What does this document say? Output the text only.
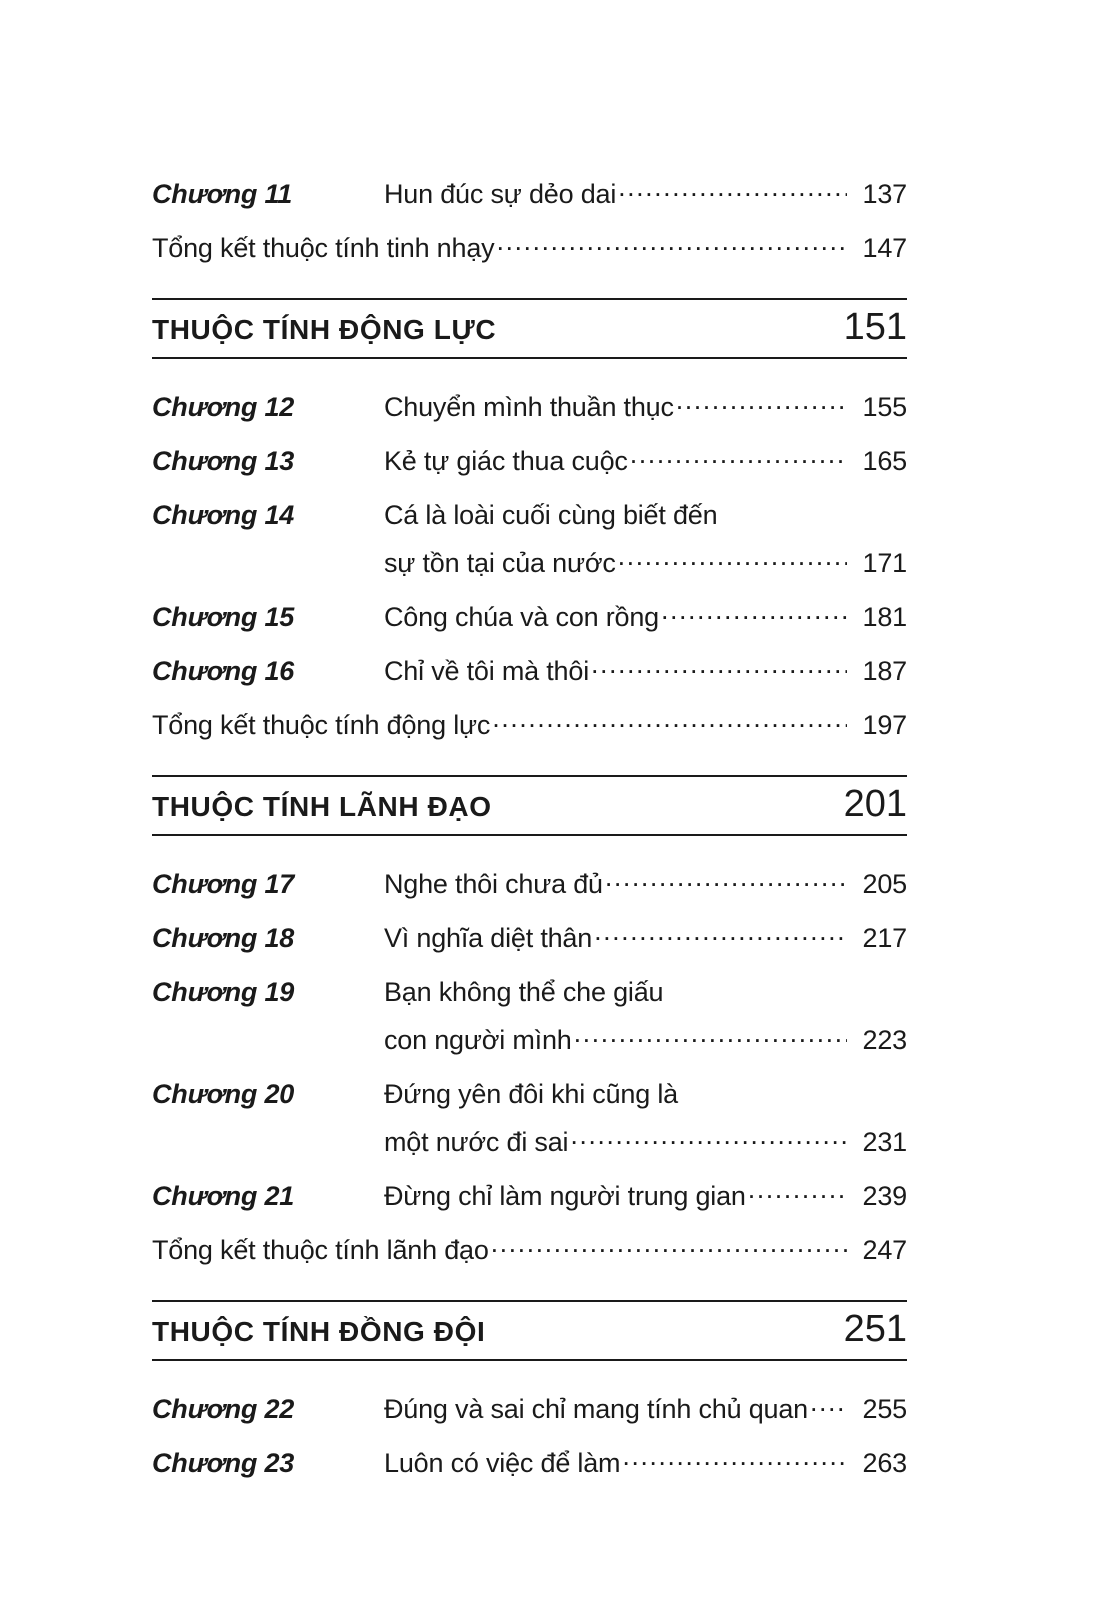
Chương 11	Hun đúc sự dẻo dai .....	137
Tổng kết thuộc tính tinh nhạy .....	147
THUỘC TÍNH ĐỘNG LỰC	151
Chương 12	Chuyển mình thuần thục .....	155
Chương 13	Kẻ tự giác thua cuộc .....	165
Chương 14	Cá là loài cuối cùng biết đến
sự tồn tại của nước .....	171
Chương 15	Công chúa và con rồng .....	181
Chương 16	Chỉ về tôi mà thôi .....	187
Tổng kết thuộc tính động lực .....	197
THUỘC TÍNH LÃNH ĐẠO	201
Chương 17	Nghe thôi chưa đủ .....	205
Chương 18	Vì nghĩa diệt thân .....	217
Chương 19	Bạn không thể che giấu
con người mình .....	223
Chương 20	Đứng yên đôi khi cũng là
một nước đi sai .....	231
Chương 21	Đừng chỉ làm người trung gian .....	239
Tổng kết thuộc tính lãnh đạo .....	247
THUỘC TÍNH ĐỒNG ĐỘI	251
Chương 22	Đúng và sai chỉ mang tính chủ quan .....	255
Chương 23	Luôn có việc để làm .....	263
